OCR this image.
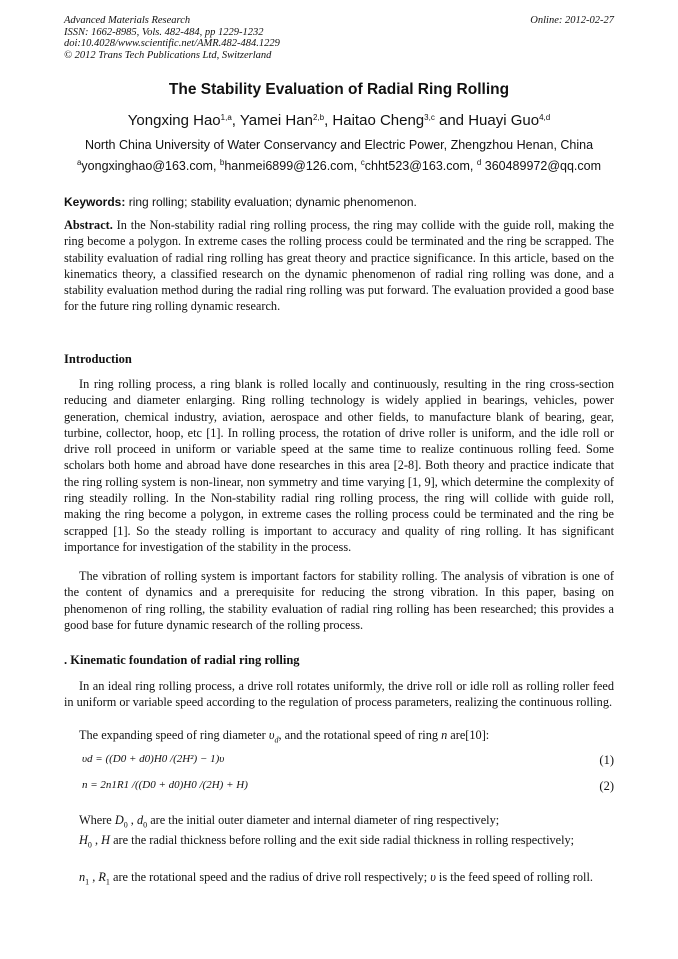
Advanced Materials Research
ISSN: 1662-8985, Vols. 482-484, pp 1229-1232
doi:10.4028/www.scientific.net/AMR.482-484.1229
© 2012 Trans Tech Publications Ltd, Switzerland
Online: 2012-02-27
The Stability Evaluation of Radial Ring Rolling
Yongxing Hao$^{1,a}$, Yamei Han$^{2,b}$, Haitao Cheng$^{3,c}$ and Huayi Guo$^{4,d}$
North China University of Water Conservancy and Electric Power, Zhengzhou Henan, China
$^a$yongxinghao@163.com, $^b$hanmei6899@126.com, $^c$chht523@163.com, $^d$ 360489972@qq.com
Keywords: ring rolling; stability evaluation; dynamic phenomenon.
Abstract. In the Non-stability radial ring rolling process, the ring may collide with the guide roll, making the ring become a polygon. In extreme cases the rolling process could be terminated and the ring be scrapped. The stability evaluation of radial ring rolling has great theory and practice significance. In this article, based on the kinematics theory, a classified research on the dynamic phenomenon of radial ring rolling was done, and a stability evaluation method during the radial ring rolling was put forward. The evaluation provided a good base for the future ring rolling dynamic research.
Introduction
In ring rolling process, a ring blank is rolled locally and continuously, resulting in the ring cross-section reducing and diameter enlarging. Ring rolling technology is widely applied in bearings, vehicles, power generation, chemical industry, aviation, aerospace and other fields, to manufacture blank of bearing, gear, turbine, collector, hoop, etc [1]. In rolling process, the rotation of drive roller is uniform, and the idle roll or drive roll proceed in uniform or variable speed at the same time to realize continuous rolling feed. Some scholars both home and abroad have done researches in this area [2-8]. Both theory and practice indicate that the ring rolling system is non-linear, non symmetry and time varying [1, 9], which determine the complexity of ring steadily rolling. In the Non-stability radial ring rolling process, the ring will collide with guide roll, making the ring become a polygon, in extreme cases the rolling process could be terminated and the ring be scrapped [1]. So the steady rolling is important to accuracy and quality of ring rolling. It has significant importance for investigation of the stability in the process.
The vibration of rolling system is important factors for stability rolling. The analysis of vibration is one of the content of dynamics and a prerequisite for reducing the strong vibration. In this paper, basing on phenomenon of ring rolling, the stability evaluation of radial ring rolling has been researched; this provides a good base for future dynamic research of the rolling process.
. Kinematic foundation of radial ring rolling
In an ideal ring rolling process, a drive roll rotates uniformly, the drive roll or idle roll as rolling roller feed in uniform or variable speed according to the regulation of process parameters, realizing the continuous rolling.
The expanding speed of ring diameter $\upsilon_d$, and the rotational speed of ring n are[10]:
υd = ((D0 + d0)H0 /(2H²) − 1)υ	(1)
n = 2n1R1 /((D0 + d0)H0 /(2H) + H)	(2)
Where $D_0$ , $d_0$ are the initial outer diameter and internal diameter of ring respectively;
$H_0$ , H are the radial thickness before rolling and the exit side radial thickness in rolling respectively;
$n_1$ , $R_1$ are the rotational speed and the radius of drive roll respectively; υ is the feed speed of rolling roll.
